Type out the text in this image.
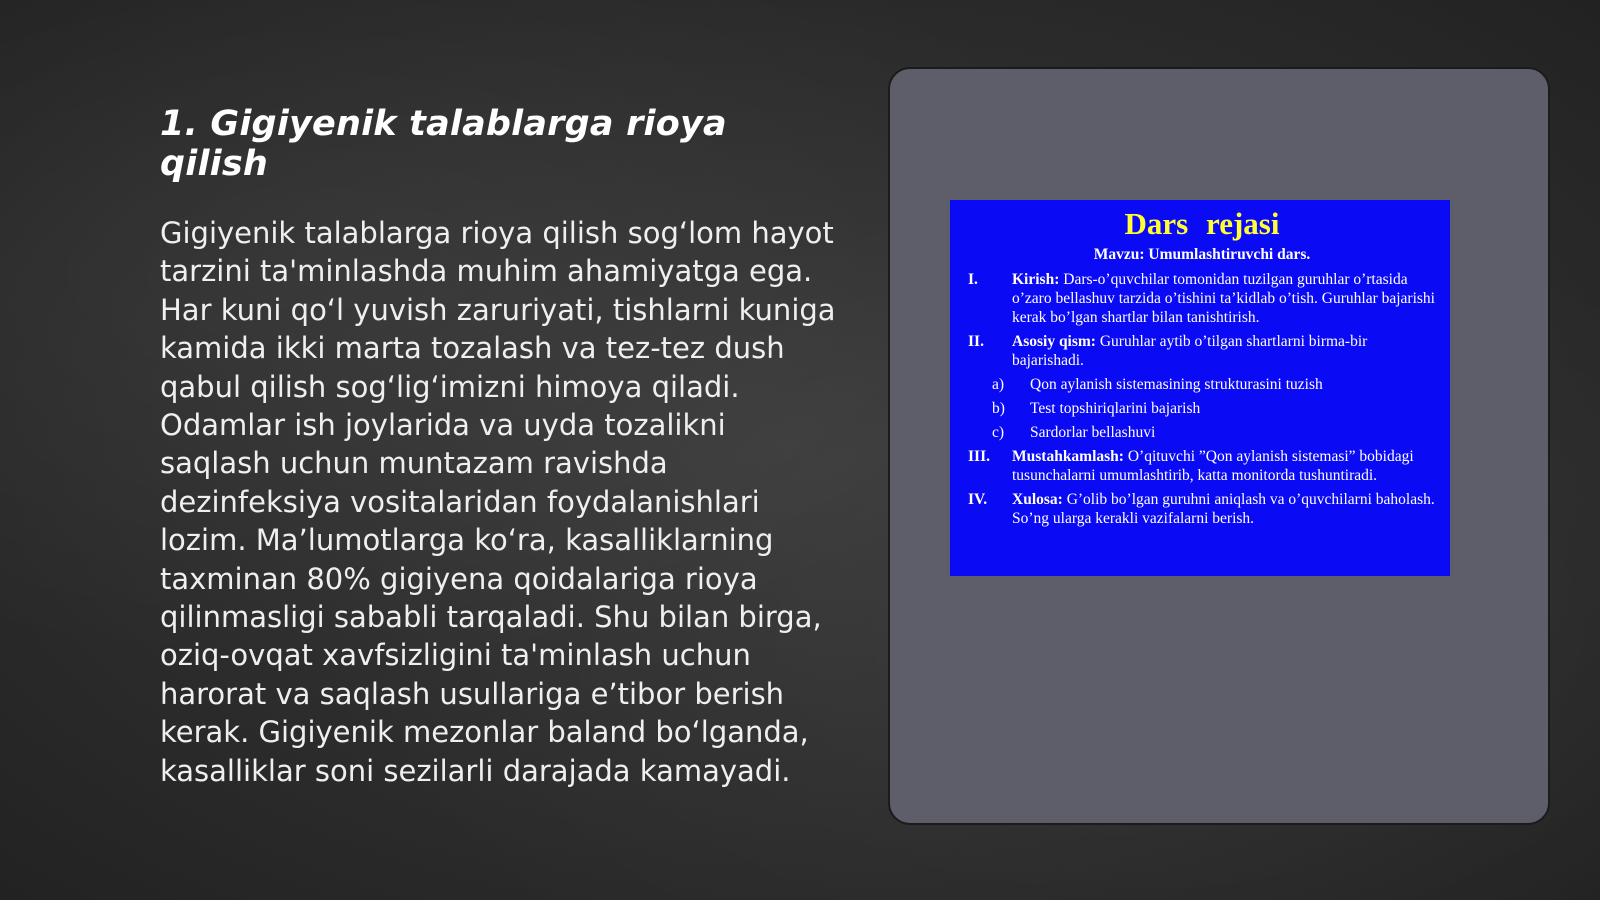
1. Gigiyenik talablarga rioya qilish

Gigiyenik talablarga rioya qilish sog‘lom hayot tarzini ta'minlashda muhim ahamiyatga ega. Har kuni qo‘l yuvish zaruriyati, tishlarni kuniga kamida ikki marta tozalash va tez-tez dush qabul qilish sog‘lig‘imizni himoya qiladi. Odamlar ish joylarida va uyda tozalikni saqlash uchun muntazam ravishda dezinfeksiya vositalaridan foydalanishlari lozim. Ma’lumotlarga ko‘ra, kasalliklarning taxminan 80% gigiyena qoidalariga rioya qilinmasligi sababli tarqaladi. Shu bilan birga, oziq-ovqat xavfsizligini ta'minlash uchun harorat va saqlash usullariga e’tibor berish kerak. Gigiyenik mezonlar baland bo‘lganda, kasalliklar soni sezilarli darajada kamayadi.

Dars rejasi
Mavzu: Umumlashtiruvchi dars.
I.	Kirish: Dars-o’quvchilar tomonidan tuzilgan guruhlar o’rtasida o’zaro bellashuv tarzida o’tishini ta’kidlab o’tish. Guruhlar bajarishi kerak bo’lgan shartlar bilan tanishtirish.
II.	Asosiy qism: Guruhlar aytib o’tilgan shartlarni birma-bir bajarishadi.
a)	Qon aylanish sistemasining strukturasini tuzish
b)	Test topshiriqlarini bajarish
c)	Sardorlar bellashuvi
III.	Mustahkamlash: O’qituvchi ”Qon aylanish sistemasi” bobidagi tusunchalarni umumlashtirib, katta monitorda tushuntiradi.
IV.	Xulosa: G’olib bo’lgan guruhni aniqlash va o’quvchilarni baholash. So’ng ularga kerakli vazifalarni berish.
